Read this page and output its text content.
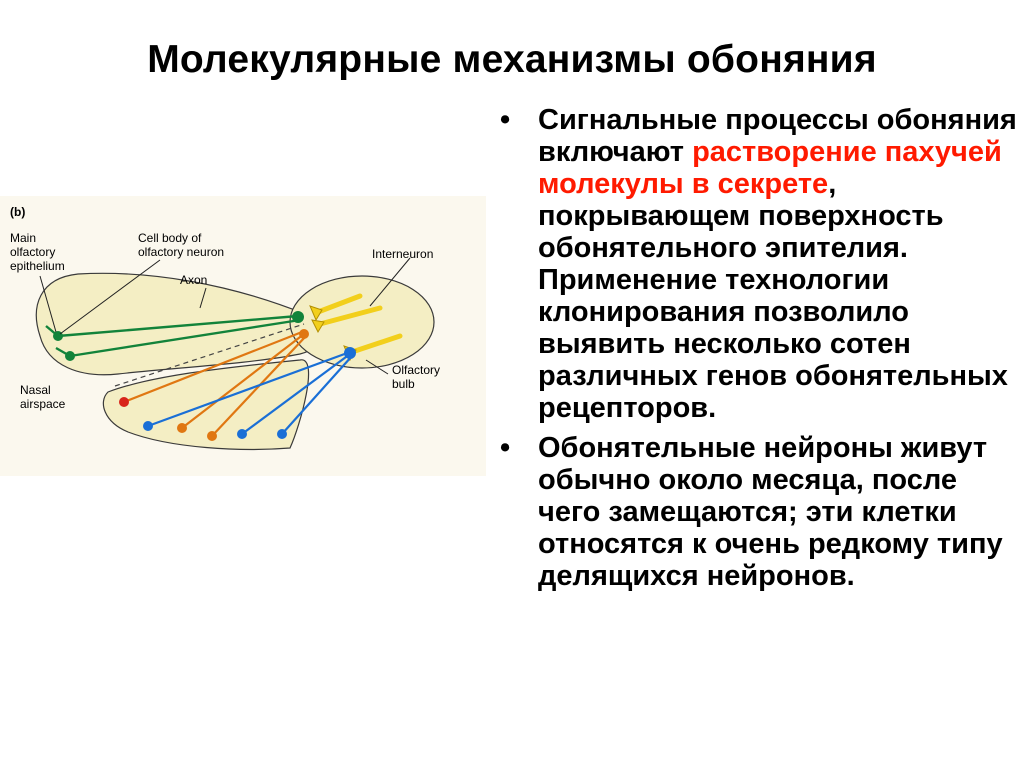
Молекулярные механизмы обоняния
(b)
Main olfactory epithelium
Cell body of olfactory neuron
Axon
Interneuron
Nasal airspace
Olfactory bulb
• Сигнальные процессы обоняния включают растворение пахучей молекулы в секрете, покрывающем поверхность обонятельного эпителия. Применение технологии клонирования позволило выявить несколько сотен различных генов обонятельных рецепторов.
• Обонятельные нейроны живут обычно около месяца, после чего замещаются; эти клетки относятся к очень редкому типу делящихся нейронов.
